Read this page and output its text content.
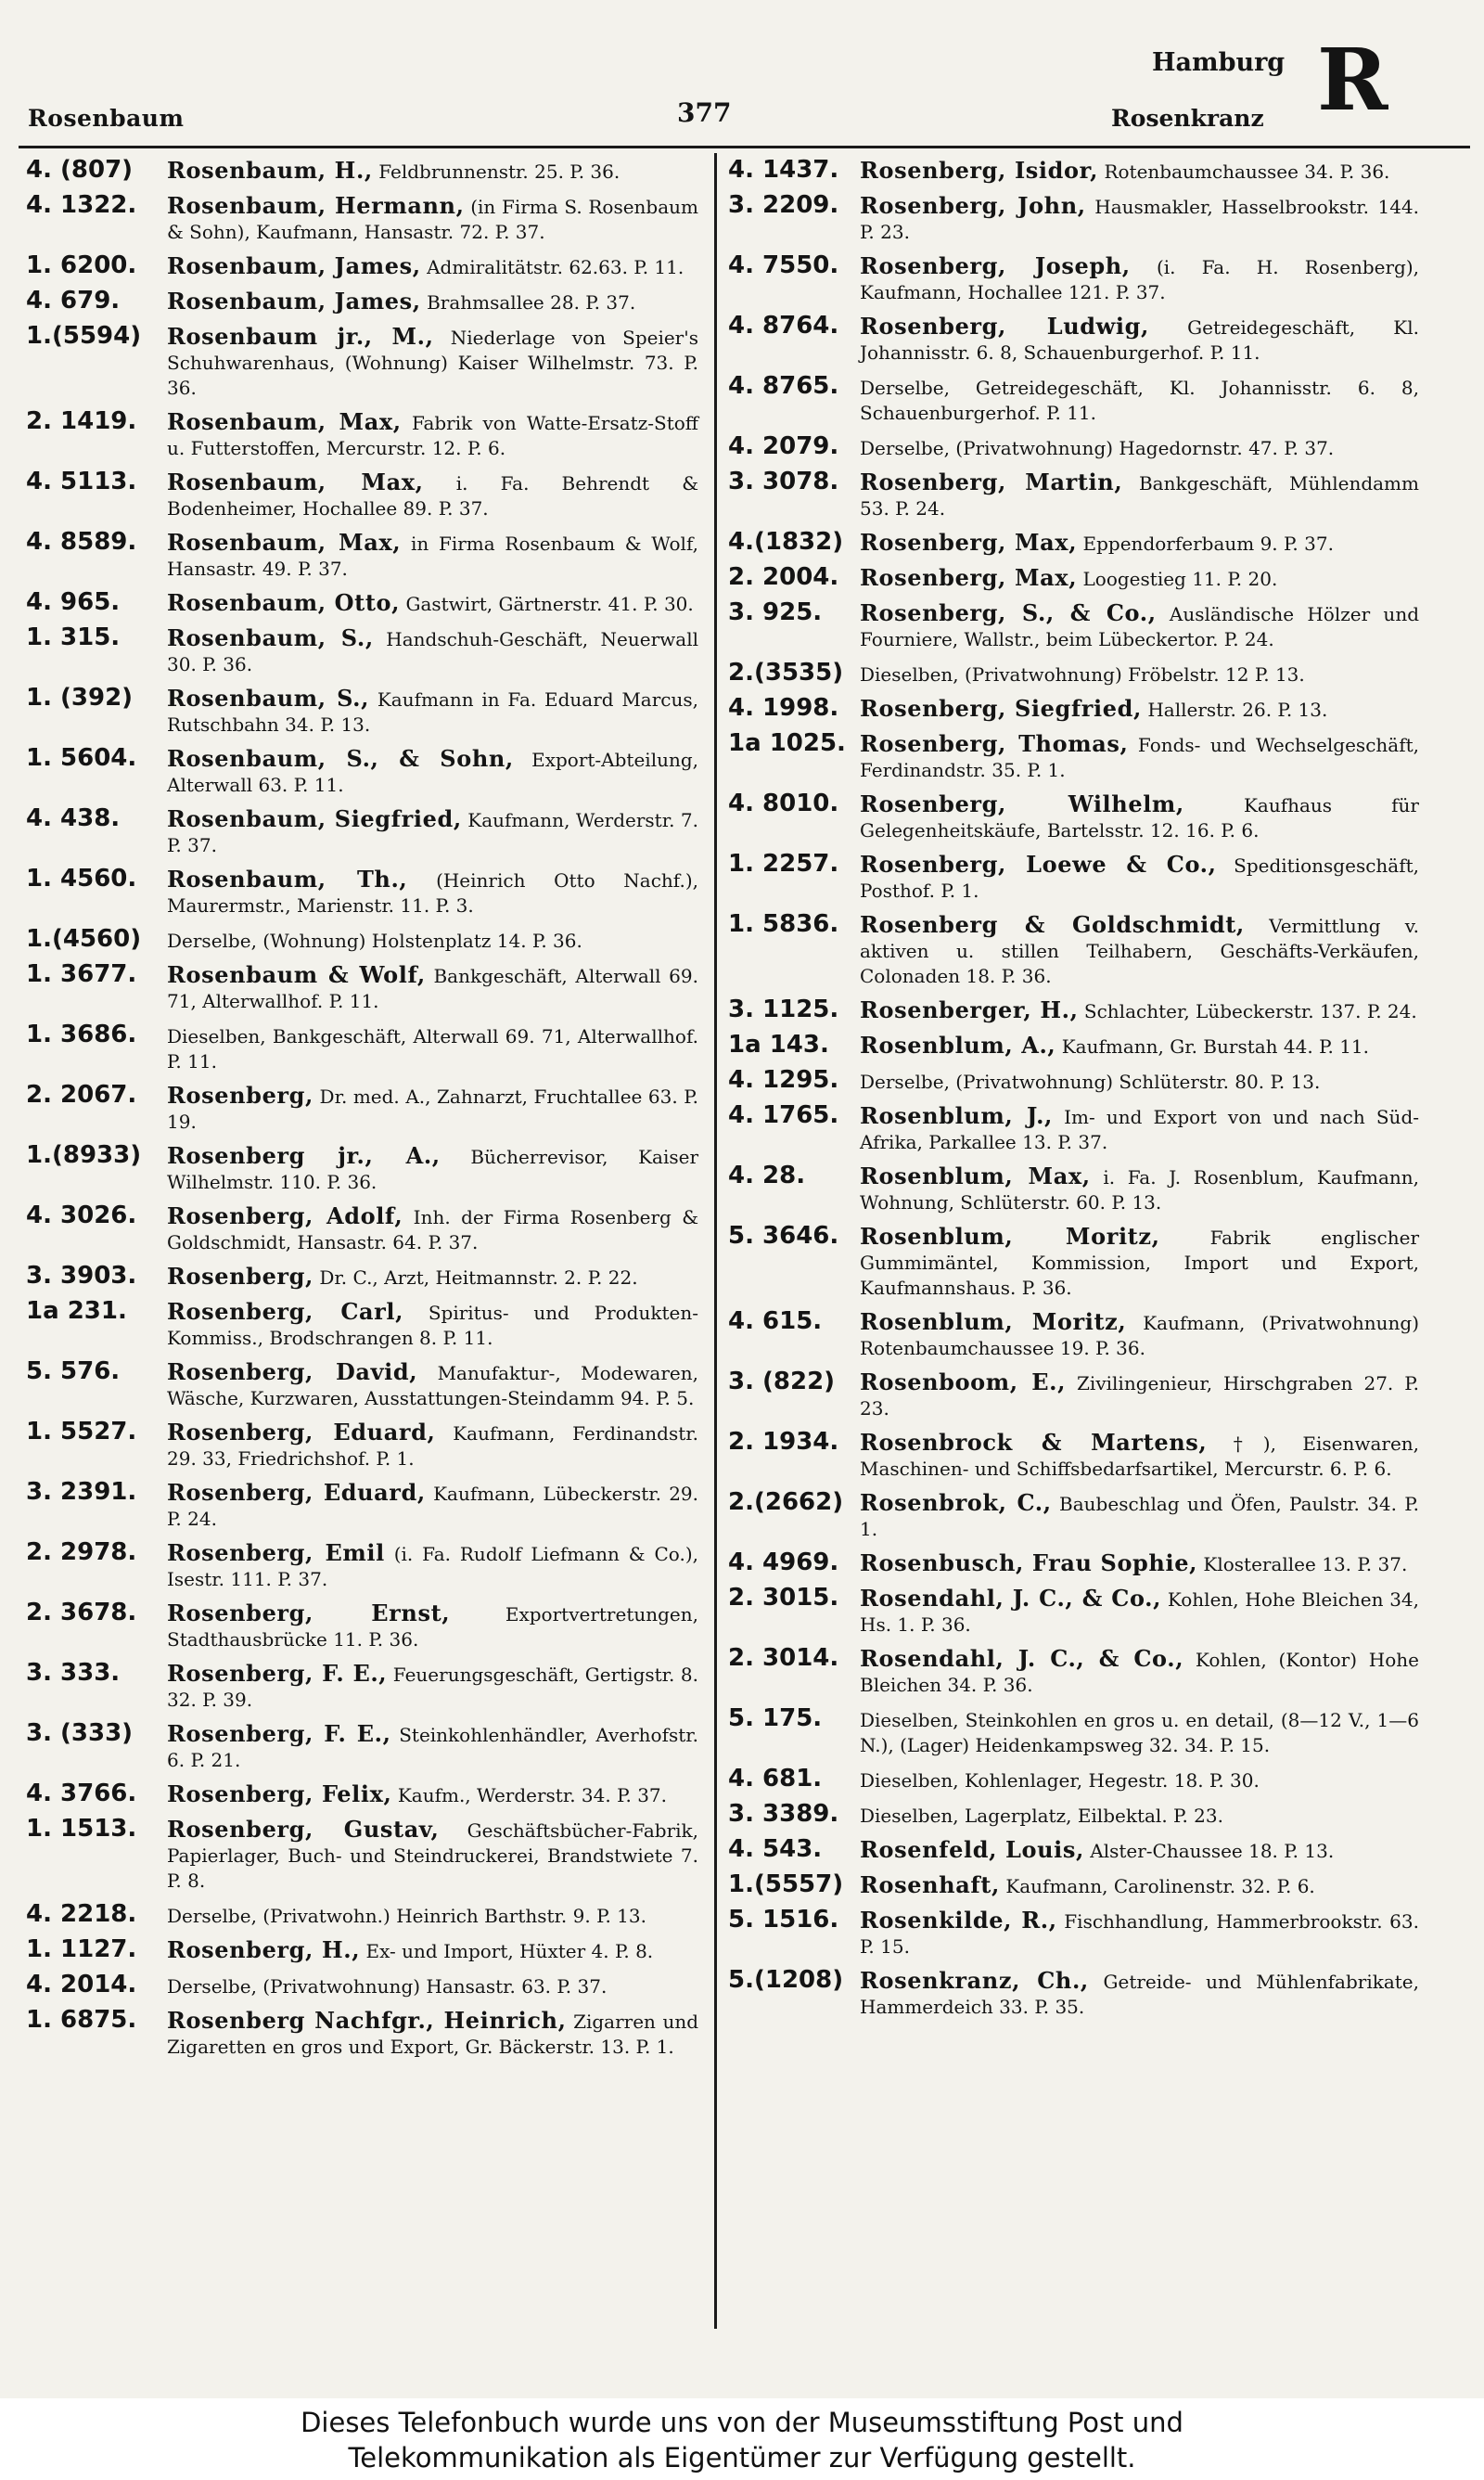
Rosenbaum	377
Hamburg
Rosenkranz R
4. (807)	Rosenbaum, H., Feldbrunnenstr. 25. P. 36.
4. 1322.	Rosenbaum, Hermann, (in Firma S. Rosenbaum & Sohn), Kaufmann, Hansastr. 72. P. 37.
1. 6200.	Rosenbaum, James, Admiralitätstr. 62.63. P. 11.
4. 679.	Rosenbaum, James, Brahmsallee 28. P. 37.
1.(5594)	Rosenbaum jr., M., Niederlage von Speier's Schuhwarenhaus, (Wohnung) Kaiser Wilhelmstr. 73. P. 36.
2. 1419.	Rosenbaum, Max, Fabrik von Watte-Ersatz-Stoff u. Futterstoffen, Mercurstr. 12. P. 6.
4. 5113.	Rosenbaum, Max, i. Fa. Behrendt & Bodenheimer, Hochallee 89. P. 37.
4. 8589.	Rosenbaum, Max, in Firma Rosenbaum & Wolf, Hansastr. 49. P. 37.
4. 965.	Rosenbaum, Otto, Gastwirt, Gärtnerstr. 41. P. 30.
1. 315.	Rosenbaum, S., Handschuh-Geschäft, Neuerwall 30. P. 36.
1. (392)	Rosenbaum, S., Kaufmann in Fa. Eduard Marcus, Rutschbahn 34. P. 13.
1. 5604.	Rosenbaum, S., & Sohn, Export-Abteilung, Alterwall 63. P. 11.
4. 438.	Rosenbaum, Siegfried, Kaufmann, Werderstr. 7. P. 37.
1. 4560.	Rosenbaum, Th., (Heinrich Otto Nachf.), Maurermstr., Marienstr. 11. P. 3.
1.(4560)	Derselbe, (Wohnung) Holstenplatz 14. P. 36.
1. 3677.	Rosenbaum & Wolf, Bankgeschäft, Alterwall 69. 71, Alterwallhof. P. 11.
1. 3686.	Dieselben, Bankgeschäft, Alterwall 69. 71, Alterwallhof. P. 11.
2. 2067.	Rosenberg, Dr. med. A., Zahnarzt, Fruchtallee 63. P. 19.
1.(8933)	Rosenberg jr., A., Bücherrevisor, Kaiser Wilhelmstr. 110. P. 36.
4. 3026.	Rosenberg, Adolf, Inh. der Firma Rosenberg & Goldschmidt, Hansastr. 64. P. 37.
3. 3903.	Rosenberg, Dr. C., Arzt, Heitmannstr. 2. P. 22.
1a 231.	Rosenberg, Carl, Spiritus- und Produkten-Kommiss., Brodschrangen 8. P. 11.
5. 576.	Rosenberg, David, Manufaktur-, Modewaren, Wäsche, Kurzwaren, Ausstattungen-Steindamm 94. P. 5.
1. 5527.	Rosenberg, Eduard, Kaufmann, Ferdinandstr. 29. 33, Friedrichshof. P. 1.
3. 2391.	Rosenberg, Eduard, Kaufmann, Lübeckerstr. 29. P. 24.
2. 2978.	Rosenberg, Emil (i. Fa. Rudolf Liefmann & Co.), Isestr. 111. P. 37.
2. 3678.	Rosenberg, Ernst,	Exportvertretungen, Stadthausbrücke 11. P. 36.
3. 333.	Rosenberg, F. E., Feuerungsgeschäft, Gertigstr. 8. 32. P. 39.
3. (333)	Rosenberg, F. E., Steinkohlenhändler, Averhofstr. 6. P. 21.
4. 3766.	Rosenberg, Felix, Kaufm., Werderstr. 34. P. 37.
1. 1513.	Rosenberg, Gustav, Geschäftsbücher-Fabrik, Papierlager, Buch- und Steindruckerei, Brandstwiete 7. P. 8.
4. 2218.	Derselbe, (Privatwohn.) Heinrich Barthstr. 9. P. 13.
1. 1127.	Rosenberg, H., Ex- und Import, Hüxter 4. P. 8.
4. 2014.	Derselbe, (Privatwohnung) Hansastr. 63. P. 37.
1. 6875.	Rosenberg Nachfgr., Heinrich, Zigarren und Zigaretten en gros und Export, Gr. Bäckerstr. 13. P. 1.
4. 1437. Rosenberg, Isidor, Rotenbaumchaussee 34. P. 36.
3. 2209. Rosenberg, John, Hausmakler, Hasselbrookstr. 144. P. 23.
4. 7550. Rosenberg, Joseph, (i. Fa. H. Rosenberg), Kaufmann, Hochallee 121. P. 37.
4. 8764. Rosenberg, Ludwig, Getreidegeschäft, Kl. Johannisstr. 6. 8, Schauenburgerhof. P. 11.
4. 8765.	Derselbe, Getreidegeschäft, Kl. Johannisstr. 6. 8, Schauenburgerhof. P. 11.
4. 2079.	Derselbe, (Privatwohnung) Hagedornstr. 47. P. 37.
3. 3078. Rosenberg, Martin, Bankgeschäft, Mühlendamm 53. P. 24.
4.(1832) Rosenberg, Max, Eppendorferbaum 9. P. 37.
2. 2004. Rosenberg, Max, Loogestieg 11. P. 20.
3. 925.	Rosenberg, S., & Co., Ausländische Hölzer und Fourniere, Wallstr., beim Lübeckertor. P. 24.
2.(3535) Dieselben, (Privatwohnung) Fröbelstr. 12 P. 13.
4. 1998. Rosenberg, Siegfried, Hallerstr. 26. P. 13.
1a 1025. Rosenberg, Thomas, Fonds- und Wechselgeschäft, Ferdinandstr. 35. P. 1.
4. 8010. Rosenberg, Wilhelm,	Kaufhaus für Gelegenheitskäufe, Bartelsstr. 12. 16. P. 6.
1. 2257. Rosenberg, Loewe & Co., Speditionsgeschäft, Posthof. P. 1.
1. 5836. Rosenberg & Goldschmidt, Vermittlung v. aktiven u. stillen Teilhabern, Geschäfts-Verkäufen, Colonaden 18. P. 36.
3. 1125. Rosenberger, H., Schlachter, Lübeckerstr. 137. P. 24.
1a 143.	Rosenblum, A., Kaufmann, Gr. Burstah 44. P. 11.
4. 1295.	Derselbe, (Privatwohnung) Schlüterstr. 80. P. 13.
4. 1765. Rosenblum, J., Im- und Export von und nach Süd-Afrika, Parkallee 13. P. 37.
4. 28.	Rosenblum, Max, i. Fa. J. Rosenblum, Kaufmann, Wohnung, Schlüterstr. 60. P. 13.
5. 3646. Rosenblum, Moritz,	Fabrik englischer Gummimäntel, Kommission, Import und Export, Kaufmannshaus. P. 36.
4. 615.	Rosenblum, Moritz, Kaufmann, (Privatwohnung) Rotenbaumchaussee 19. P. 36.
3. (822)	Rosenboom, E., Zivilingenieur, Hirschgraben 27. P. 23.
2. 1934. Rosenbrock & Martens, †), Eisenwaren, Maschinen- und Schiffsbedarfsartikel, Mercurstr. 6. P. 6.
2.(2662) Rosenbrok, C., Baubeschlag und Öfen, Paulstr. 34. P. 1.
4. 4969. Rosenbusch, Frau Sophie, Klosterallee 13. P. 37.
2. 3015. Rosendahl, J. C., & Co., Kohlen, Hohe Bleichen 34, Hs. 1. P. 36.
2. 3014. Rosendahl, J. C., & Co., Kohlen, (Kontor) Hohe Bleichen 34. P. 36.
5. 175.	Dieselben, Steinkohlen en gros u. en detail, (8—12 V., 1—6 N.), (Lager) Heidenkampsweg 32. 34. P. 15.
4. 681.	Dieselben, Kohlenlager, Hegestr. 18. P. 30.
3. 3389.	Dieselben, Lagerplatz, Eilbektal. P. 23.
4. 543.	Rosenfeld, Louis, Alster-Chaussee 18. P. 13.
1.(5557) Rosenhaft, Kaufmann, Carolinenstr. 32. P. 6.
5. 1516. Rosenkilde, R., Fischhandlung, Hammerbrookstr. 63. P. 15.
5.(1208) Rosenkranz, Ch., Getreide- und Mühlenfabrikate, Hammerdeich 33. P. 35.
Dieses Telefonbuch wurde uns von der Museumsstiftung Post und
Telekommunikation als Eigentümer zur Verfügung gestellt.
